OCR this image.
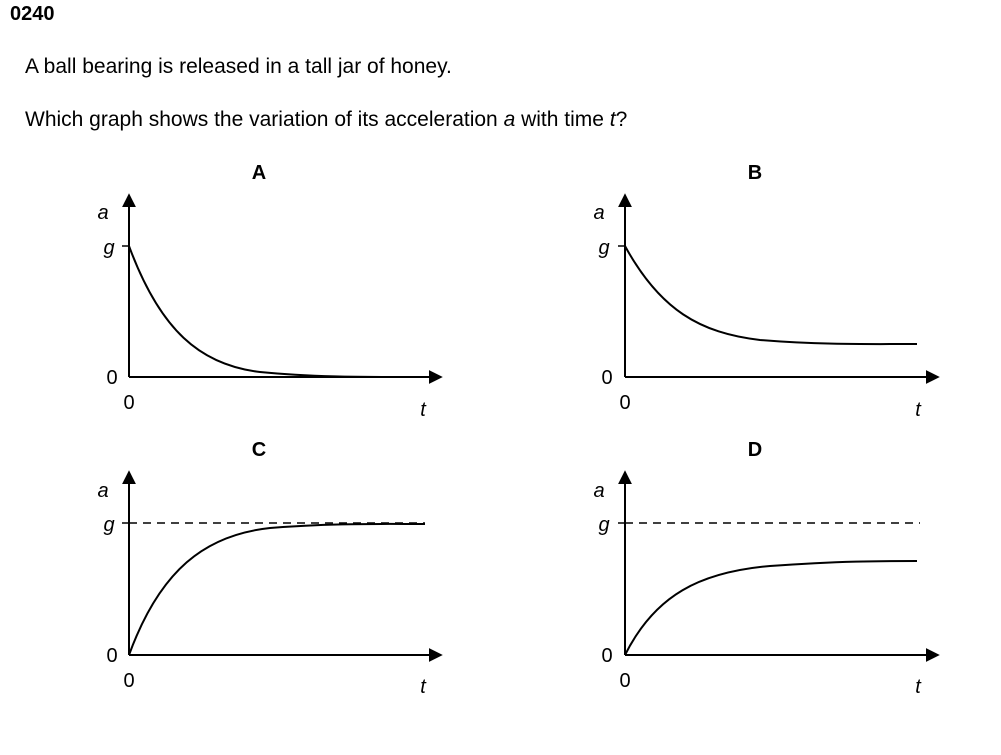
0240
A ball bearing is released in a tall jar of honey.
Which graph shows the variation of its acceleration a with time t?
A
a
g
0
0	t
B
a
g
0
0	t
C
a
g
0
0	t
D
a
g
0
0	t
